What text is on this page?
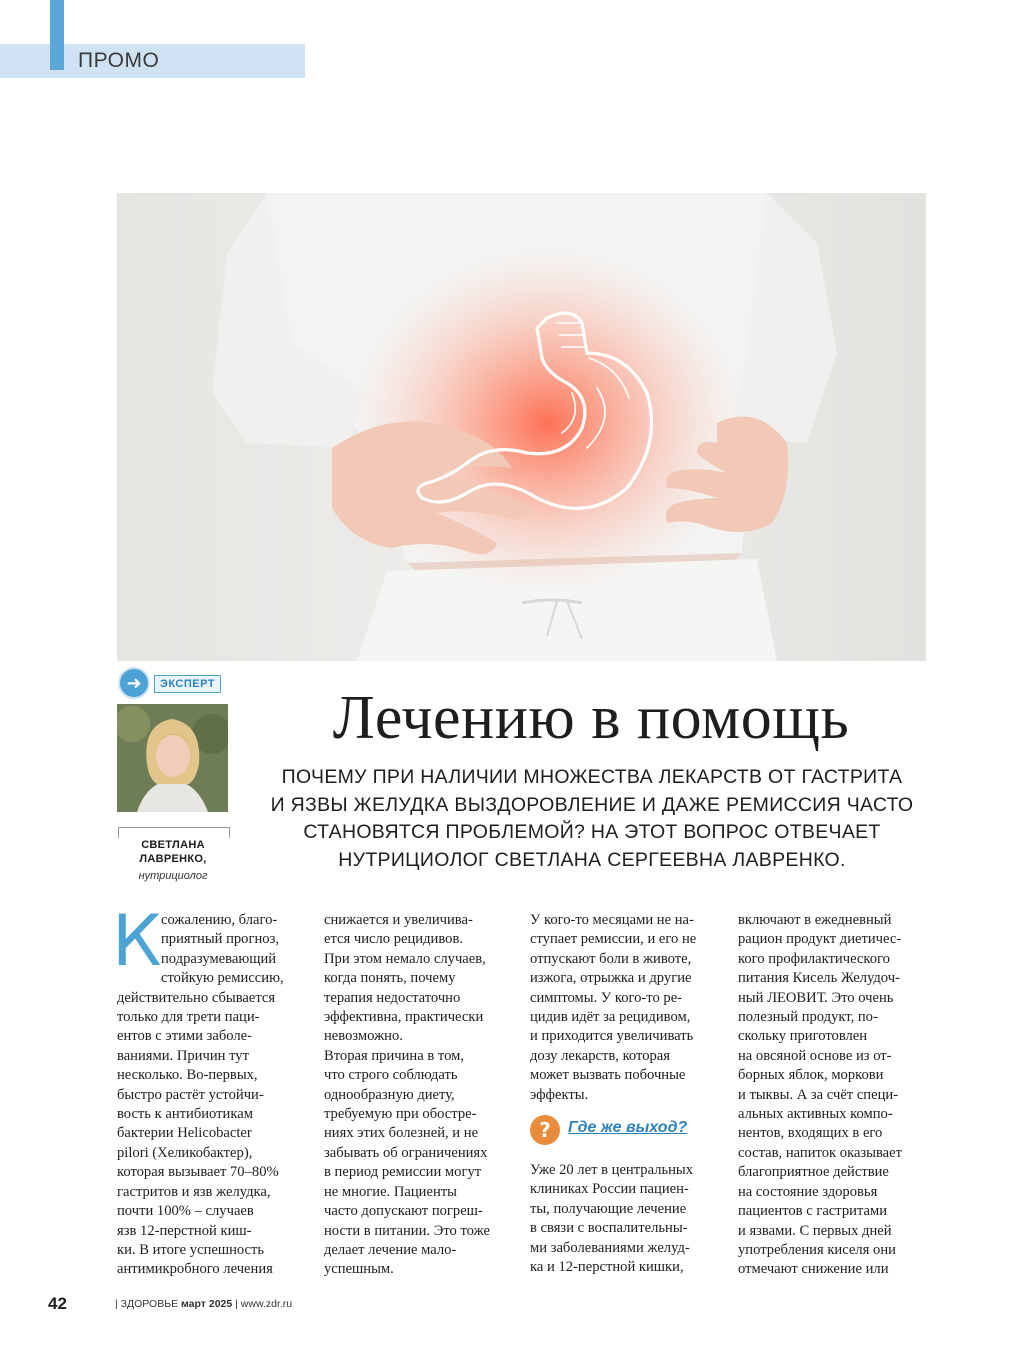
ПРОМО
➜	ЭКСПЕРТ
СВЕТЛАНА
ЛАВРЕНКО,
нутрициолог
Лечению в помощь
ПОЧЕМУ ПРИ НАЛИЧИИ МНОЖЕСТВА ЛЕКАРСТВ ОТ ГАСТРИТА
И ЯЗВЫ ЖЕЛУДКА ВЫЗДОРОВЛЕНИЕ И ДАЖЕ РЕМИССИЯ ЧАСТО
СТАНОВЯТСЯ ПРОБЛЕМОЙ? НА ЭТОТ ВОПРОС ОТВЕЧАЕТ
НУТРИЦИОЛОГ СВЕТЛАНА СЕРГЕЕВНА ЛАВРЕНКО.
К сожалению, благо-
приятный прогноз,
подразумевающий
стойкую ремиссию,
действительно сбывается
только для трети паци-
ентов с этими заболе-
ваниями. Причин тут
несколько. Во-первых,
быстро растёт устойчи-
вость к антибиотикам
бактерии Helicobacter
pilori (Хеликобактер),
которая вызывает 70–80%
гастритов и язв желудка,
почти 100% – случаев
язв 12-перстной киш-
ки. В итоге успешность
антимикробного лечения
снижается и увеличива-
ется число рецидивов.
При этом немало случаев,
когда понять, почему
терапия недостаточно
эффективна, практически
невозможно.
Вторая причина в том,
что строго соблюдать
однообразную диету,
требуемую при обостре-
ниях этих болезней, и не
забывать об ограничениях
в период ремиссии могут
не многие. Пациенты
часто допускают погреш-
ности в питании. Это тоже
делает лечение мало-
успешным.
У кого-то месяцами не на-
ступает ремиссии, и его не
отпускают боли в животе,
изжога, отрыжка и другие
симптомы. У кого-то ре-
цидив идёт за рецидивом,
и приходится увеличивать
дозу лекарств, которая
может вызвать побочные
эффекты.
?	Где же выход?
Уже 20 лет в центральных
клиниках России пациен-
ты, получающие лечение
в связи с воспалительны-
ми заболеваниями желуд-
ка и 12-перстной кишки,
включают в ежедневный
рацион продукт диетичес-
кого профилактического
питания Кисель Желудоч-
ный ЛЕОВИТ. Это очень
полезный продукт, по-
скольку приготовлен
на овсяной основе из от-
борных яблок, моркови
и тыквы. А за счёт специ-
альных активных компо-
нентов, входящих в его
состав, напиток оказывает
благоприятное действие
на состояние здоровья
пациентов с гастритами
и язвами. С первых дней
употребления киселя они
отмечают снижение или
42	| ЗДОРОВЬЕ март 2025 | www.zdr.ru
